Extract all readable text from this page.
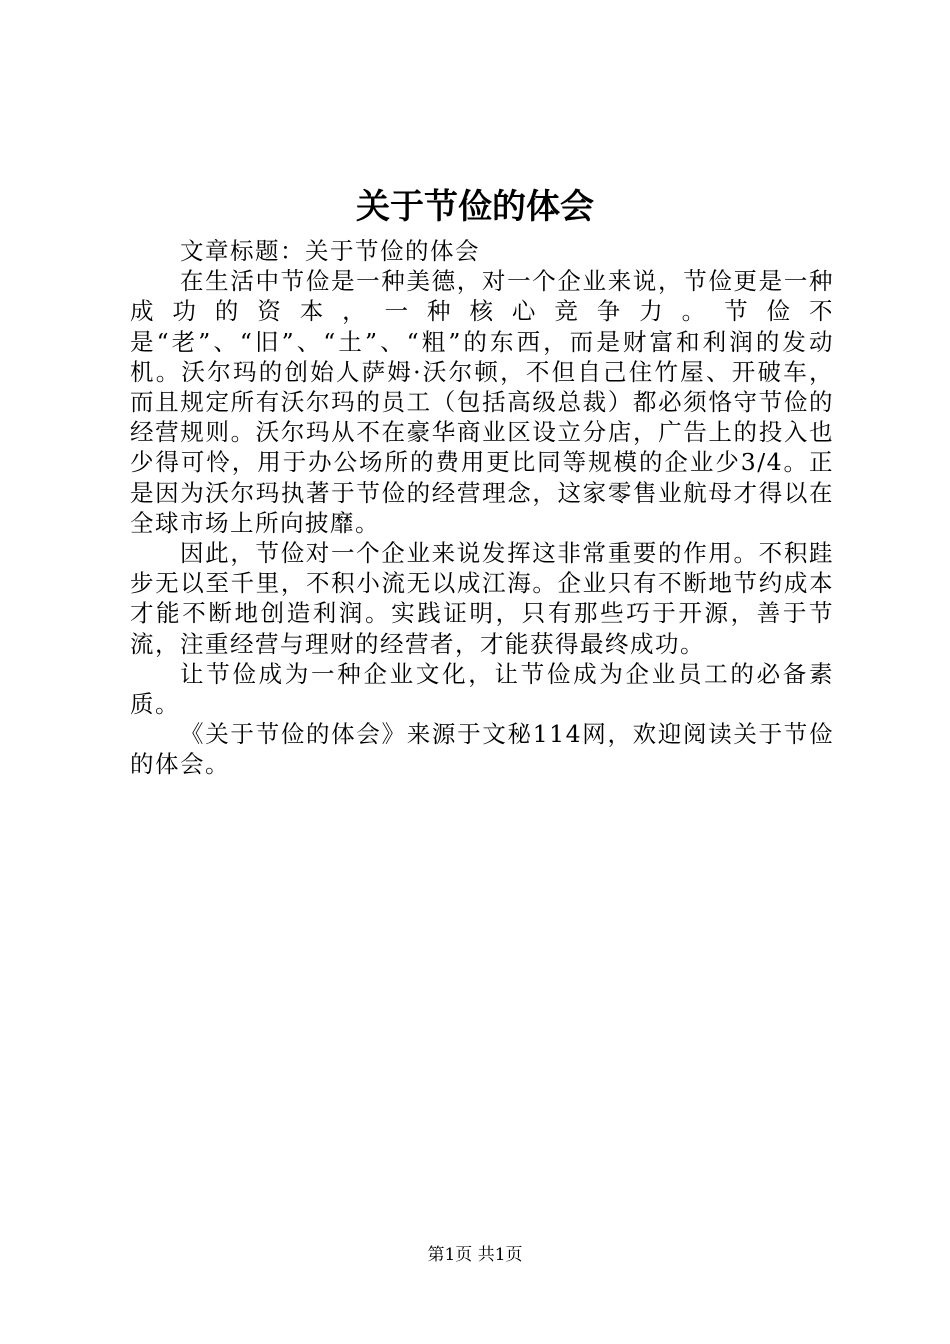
关于节俭的体会

文章标题：关于节俭的体会

在生活中节俭是一种美德，对一个企业来说，节俭更是一种成功的资本，一种核心竞争力。节俭不是“老”、“旧”、“土”、“粗”的东西，而是财富和利润的发动机。沃尔玛的创始人萨姆·沃尔顿，不但自己住竹屋、开破车，而且规定所有沃尔玛的员工（包括高级总裁）都必须恪守节俭的经营规则。沃尔玛从不在豪华商业区设立分店，广告上的投入也少得可怜，用于办公场所的费用更比同等规模的企业少3/4。正是因为沃尔玛执著于节俭的经营理念，这家零售业航母才得以在全球市场上所向披靡。

因此，节俭对一个企业来说发挥这非常重要的作用。不积跬步无以至千里，不积小流无以成江海。企业只有不断地节约成本才能不断地创造利润。实践证明，只有那些巧于开源，善于节流，注重经营与理财的经营者，才能获得最终成功。

让节俭成为一种企业文化，让节俭成为企业员工的必备素质。

《关于节俭的体会》来源于文秘114网，欢迎阅读关于节俭的体会。

第1页 共1页
